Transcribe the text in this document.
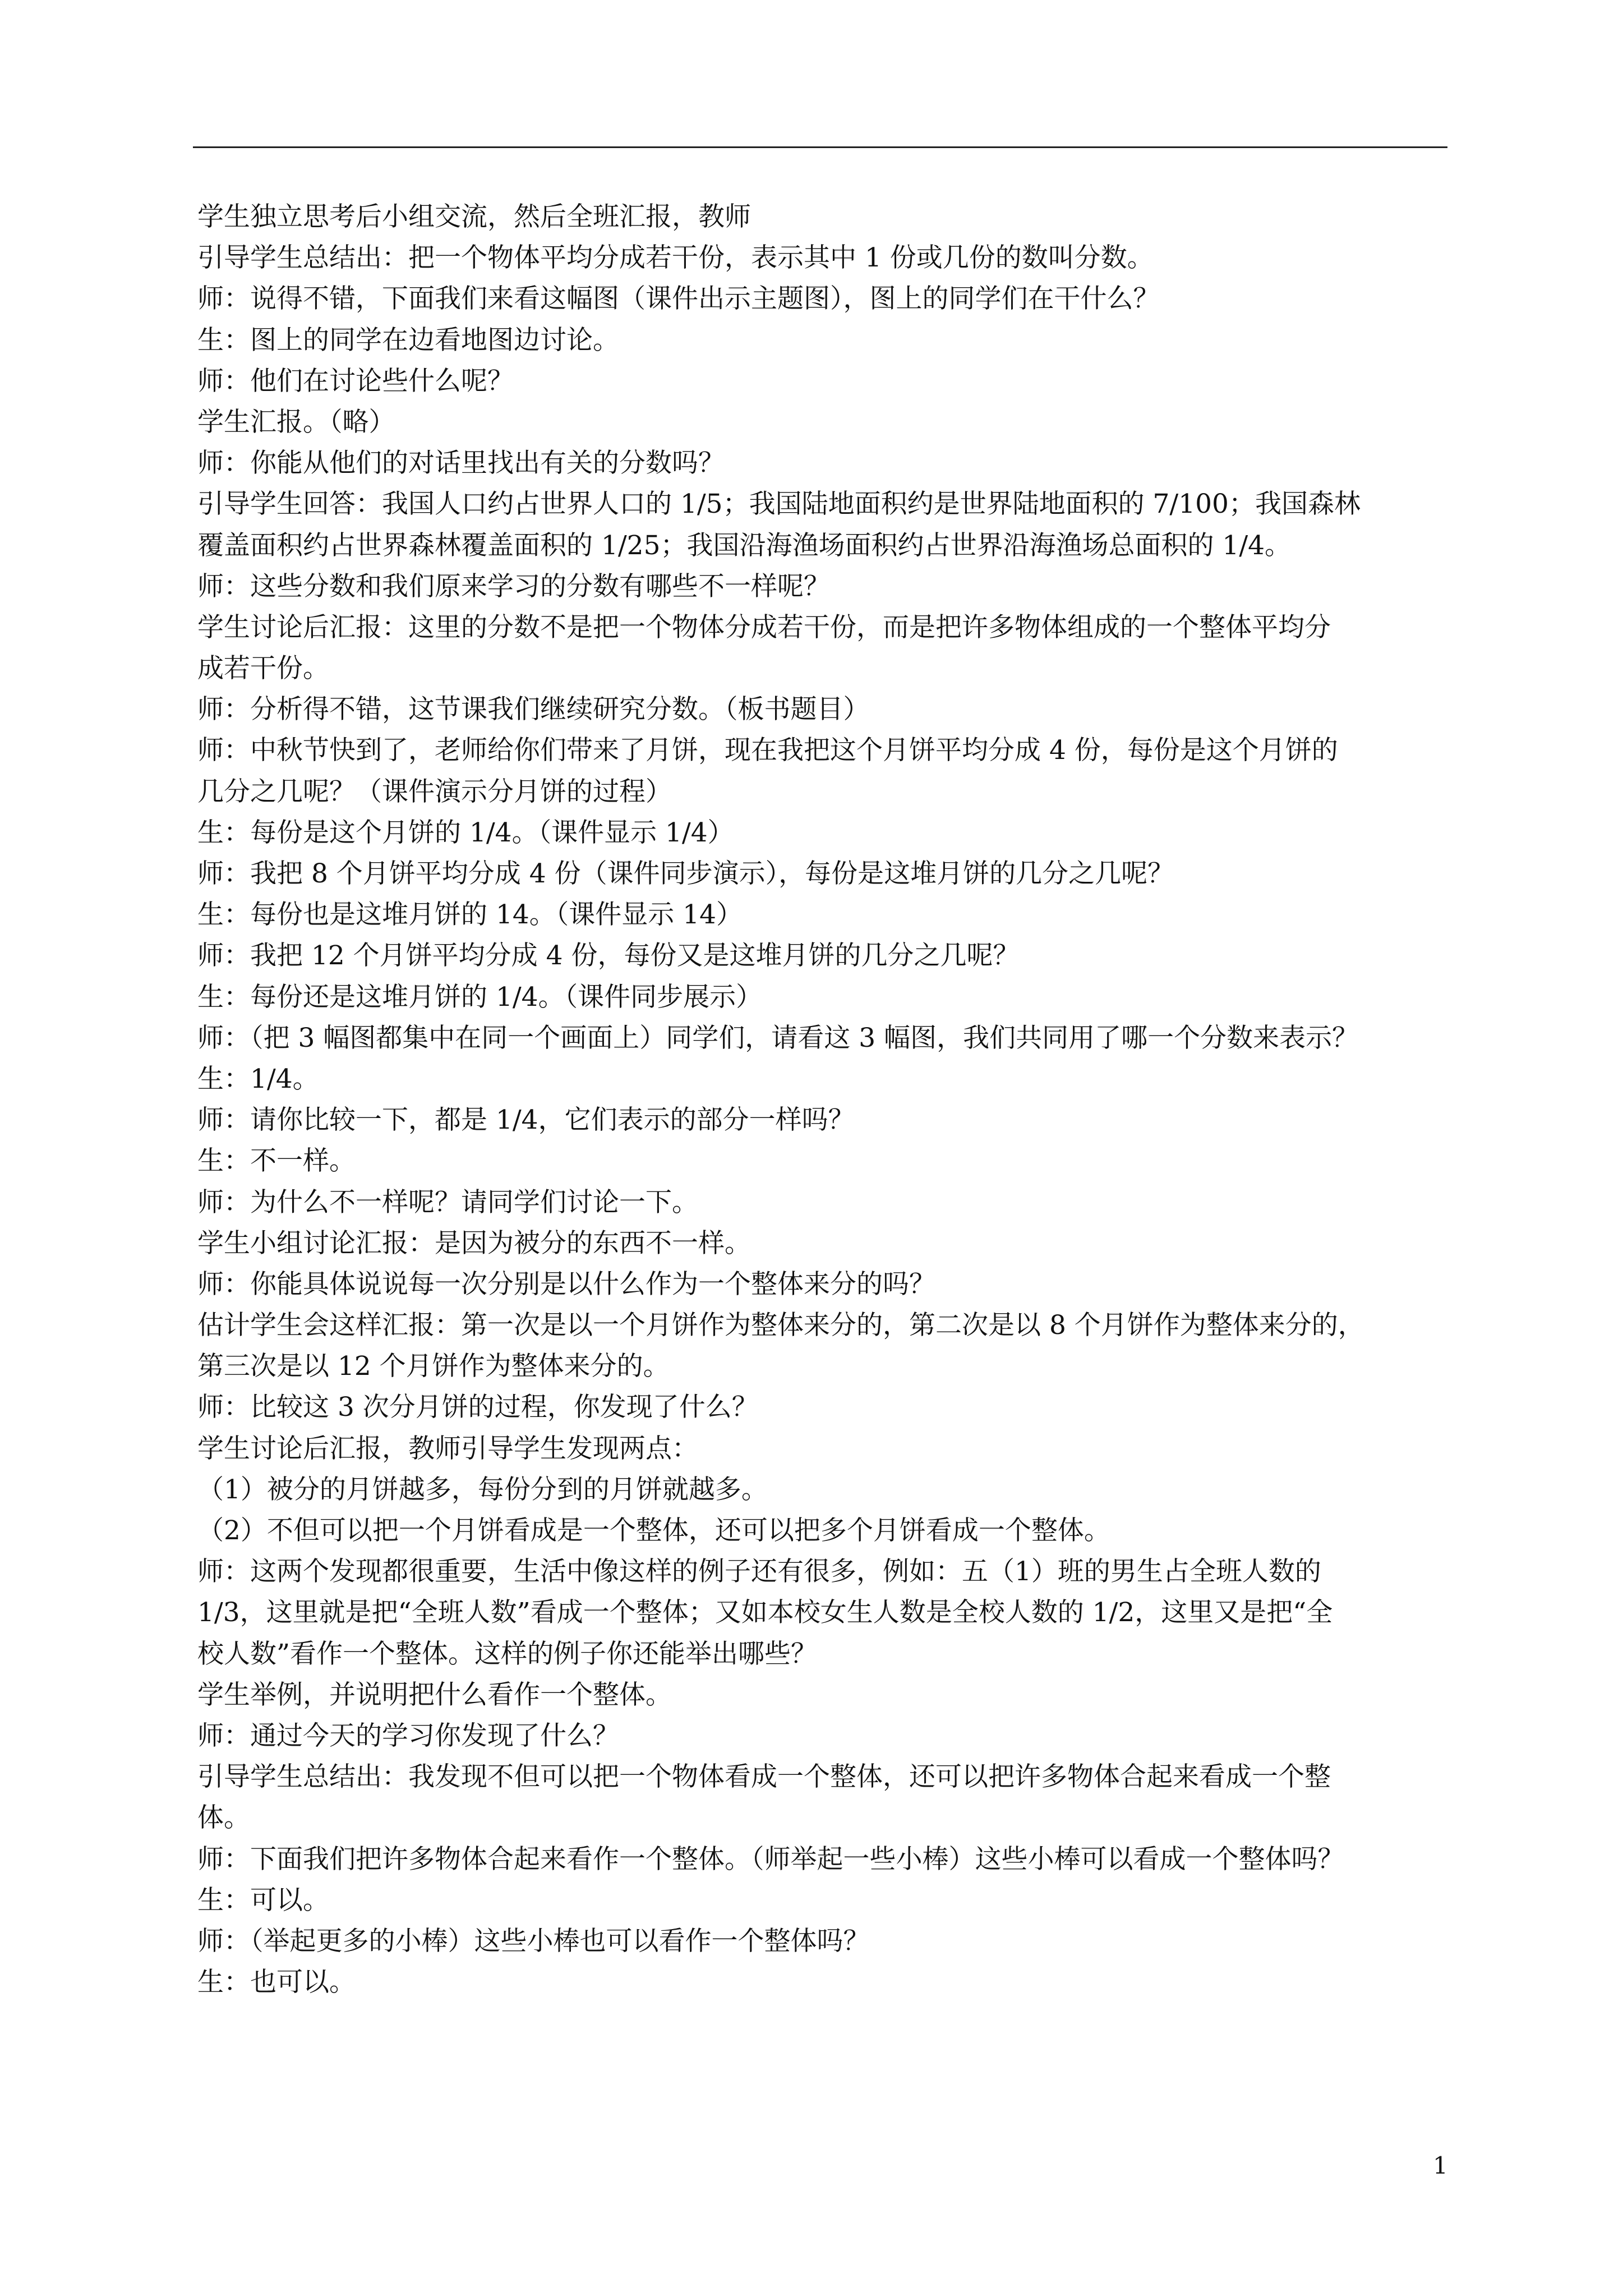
学生独立思考后小组交流，然后全班汇报，教师
引导学生总结出：把一个物体平均分成若干份，表示其中 1 份或几份的数叫分数。
师：说得不错，下面我们来看这幅图（课件出示主题图），图上的同学们在干什么？
生：图上的同学在边看地图边讨论。
师：他们在讨论些什么呢？
学生汇报。（略）
师：你能从他们的对话里找出有关的分数吗？
引导学生回答：我国人口约占世界人口的 1/5；我国陆地面积约是世界陆地面积的 7/100；我国森林
覆盖面积约占世界森林覆盖面积的 1/25；我国沿海渔场面积约占世界沿海渔场总面积的 1/4。
师：这些分数和我们原来学习的分数有哪些不一样呢？
学生讨论后汇报：这里的分数不是把一个物体分成若干份，而是把许多物体组成的一个整体平均分
成若干份。
师：分析得不错，这节课我们继续研究分数。（板书题目）
师：中秋节快到了，老师给你们带来了月饼，现在我把这个月饼平均分成 4 份，每份是这个月饼的
几分之几呢？（课件演示分月饼的过程）
生：每份是这个月饼的 1/4。（课件显示 1/4）
师：我把 8 个月饼平均分成 4 份（课件同步演示），每份是这堆月饼的几分之几呢？
生：每份也是这堆月饼的 14。（课件显示 14）
师：我把 12 个月饼平均分成 4 份，每份又是这堆月饼的几分之几呢？
生：每份还是这堆月饼的 1/4。（课件同步展示）
师：（把 3 幅图都集中在同一个画面上）同学们，请看这 3 幅图，我们共同用了哪一个分数来表示？
生：1/4。
师：请你比较一下，都是 1/4，它们表示的部分一样吗？
生：不一样。
师：为什么不一样呢？请同学们讨论一下。
学生小组讨论汇报：是因为被分的东西不一样。
师：你能具体说说每一次分别是以什么作为一个整体来分的吗？
估计学生会这样汇报：第一次是以一个月饼作为整体来分的，第二次是以 8 个月饼作为整体来分的，
第三次是以 12 个月饼作为整体来分的。
师：比较这 3 次分月饼的过程，你发现了什么？
学生讨论后汇报，教师引导学生发现两点：
（1）被分的月饼越多，每份分到的月饼就越多。
（2）不但可以把一个月饼看成是一个整体，还可以把多个月饼看成一个整体。
师：这两个发现都很重要，生活中像这样的例子还有很多，例如：五（1）班的男生占全班人数的
1/3，这里就是把“全班人数”看成一个整体；又如本校女生人数是全校人数的 1/2，这里又是把“全
校人数”看作一个整体。这样的例子你还能举出哪些？
学生举例，并说明把什么看作一个整体。
师：通过今天的学习你发现了什么？
引导学生总结出：我发现不但可以把一个物体看成一个整体，还可以把许多物体合起来看成一个整
体。
师：下面我们把许多物体合起来看作一个整体。（师举起一些小棒）这些小棒可以看成一个整体吗？
生：可以。
师：（举起更多的小棒）这些小棒也可以看作一个整体吗？
生：也可以。
1
